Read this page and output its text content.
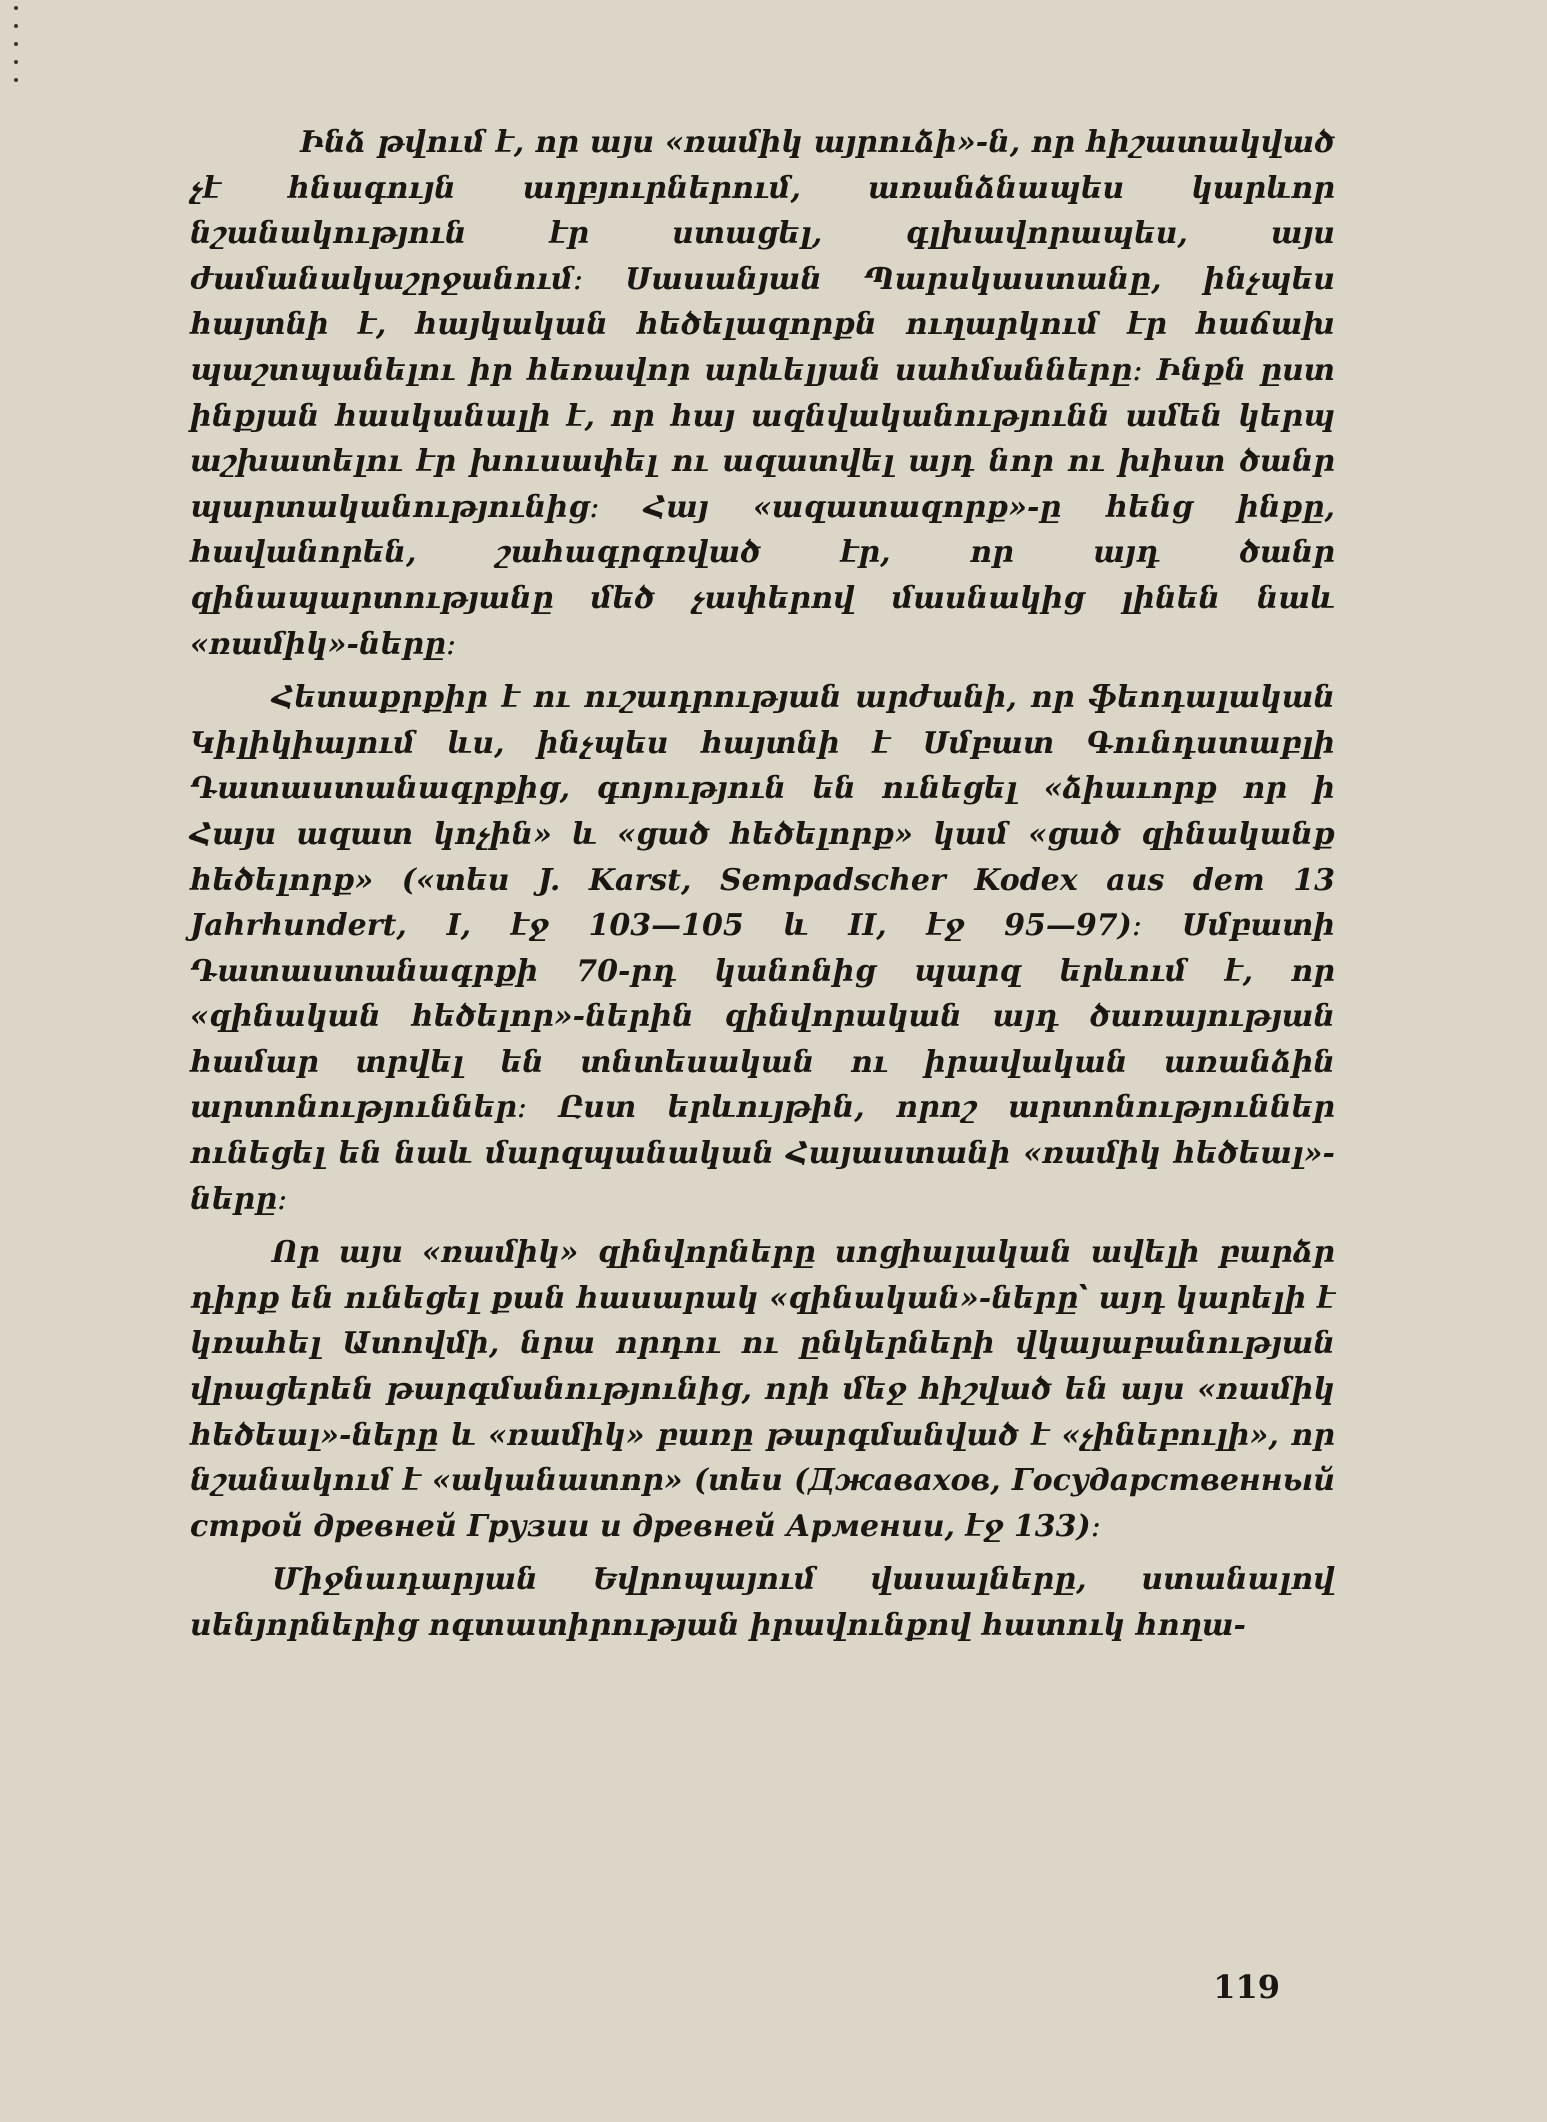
Ինձ թվում է, որ այս «ռամիկ այրուձի»-ն, որ հիշատակված չէ հնագույն աղբյուրներում, առանձնապես կարևոր նշանակություն էր ստացել, գլխավորապես, այս ժամանակաշրջանում։ Սասանյան Պարսկաստանը, ինչպես հայտնի է, հայկական հեծելազորքն ուղարկում էր հաճախ պաշտպանելու իր հեռավոր արևելյան սահմանները։ Ինքն ըստ ինքյան հասկանալի է, որ հայ ազնվականությունն ամեն կերպ աշխատելու էր խուսափել ու ազատվել այդ նոր ու խիստ ծանր պարտականությունից։ Հայ «ազատազորք»-ը հենց ինքը, հավանորեն, շահագրգռված էր, որ այդ ծանր զինապարտությանը մեծ չափերով մասնակից լինեն նաև «ռամիկ»-ները։

Հետաքրքիր է ու ուշադրության արժանի, որ ֆեոդալական Կիլիկիայում ևս, ինչպես հայտնի է Սմբատ Գունդստաբլի Դատաստանագրքից, գոյություն են ունեցել «ձիաւորք որ ի Հայս ազատ կոչին» և «ցած հեծելորք» կամ «ցած զինականք հեծելորք» («տես J. Karst, Sempadscher Kodex aus dem 13 Jahrhundert, I, էջ 103—105 և II, էջ 95—97)։ Սմբատի Դատաստանագրքի 70-րդ կանոնից պարզ երևում է, որ «զինական հեծելոր»-ներին զինվորական այդ ծառայության համար տրվել են տնտեսական ու իրավական առանձին արտոնություններ։ Ըստ երևույթին, որոշ արտոնություններ ունեցել են նաև մարզպանական Հայաստանի «ռամիկ հեծեալ»-ները։

Որ այս «ռամիկ» զինվորները սոցիալական ավելի բարձր դիրք են ունեցել քան հասարակ «զինական»-ները՝ այդ կարելի է կռահել Ատովմի, նրա որդու ու ընկերների վկայաբանության վրացերեն թարգմանությունից, որի մեջ հիշված են այս «ռամիկ հեծեալ»-ները և «ռամիկ» բառը թարգմանված է «չինեբուլի», որ նշանակում է «ականատոր» (տես (Джавахов, Государственный строй древней Грузии и древней Армении, էջ 133)։

Միջնադարյան Եվրոպայում վասալները, ստանալով սենյորներից ոգտատիրության իրավունքով հատուկ հողա-

119
